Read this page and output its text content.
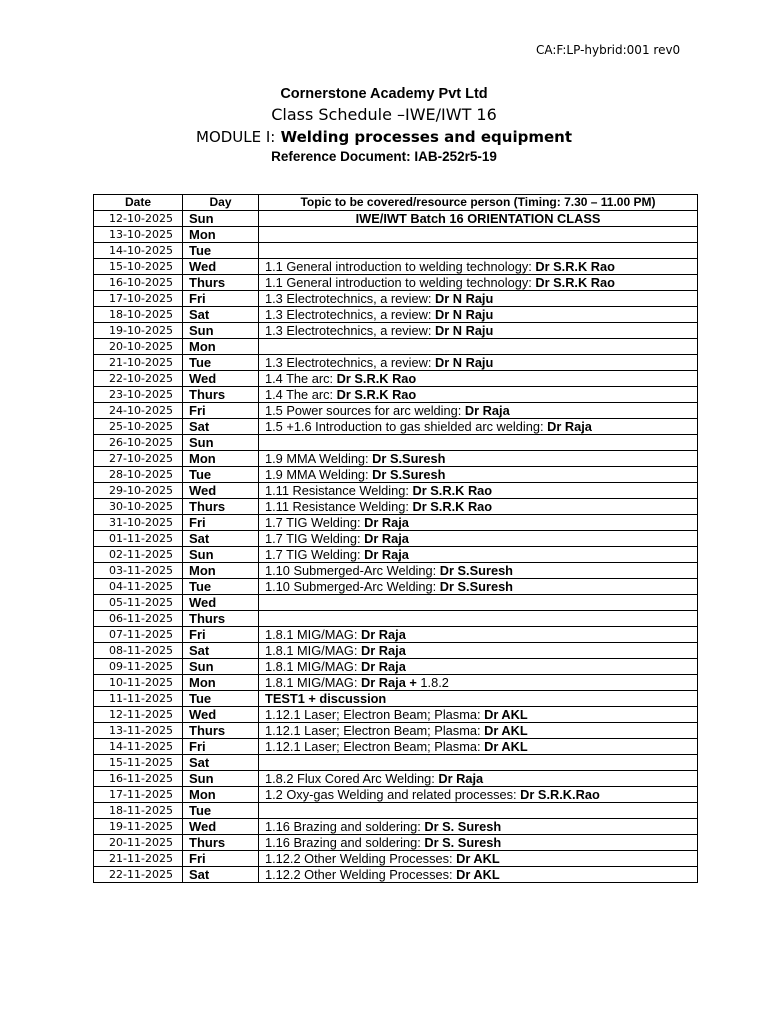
CA:F:LP-hybrid:001 rev0
Cornerstone Academy Pvt Ltd
Class Schedule –IWE/IWT 16
MODULE I: Welding processes and equipment
Reference Document: IAB-252r5-19
Date	Day	Topic to be covered/resource person (Timing: 7.30 – 11.00 PM)
12-10-2025	Sun	IWE/IWT Batch 16 ORIENTATION CLASS
13-10-2025	Mon	
14-10-2025	Tue	
15-10-2025	Wed	1.1 General introduction to welding technology: Dr S.R.K Rao
16-10-2025	Thurs	1.1 General introduction to welding technology: Dr S.R.K Rao
17-10-2025	Fri	1.3 Electrotechnics, a review: Dr N Raju
18-10-2025	Sat	1.3 Electrotechnics, a review: Dr N Raju
19-10-2025	Sun	1.3 Electrotechnics, a review: Dr N Raju
20-10-2025	Mon	
21-10-2025	Tue	1.3 Electrotechnics, a review: Dr N Raju
22-10-2025	Wed	1.4 The arc: Dr S.R.K Rao
23-10-2025	Thurs	1.4 The arc: Dr S.R.K Rao
24-10-2025	Fri	1.5 Power sources for arc welding: Dr Raja
25-10-2025	Sat	1.5 +1.6 Introduction to gas shielded arc welding: Dr Raja
26-10-2025	Sun	
27-10-2025	Mon	1.9 MMA Welding: Dr S.Suresh
28-10-2025	Tue	1.9 MMA Welding: Dr S.Suresh
29-10-2025	Wed	1.11 Resistance Welding: Dr S.R.K Rao
30-10-2025	Thurs	1.11 Resistance Welding: Dr S.R.K Rao
31-10-2025	Fri	1.7 TIG Welding: Dr Raja
01-11-2025	Sat	1.7 TIG Welding: Dr Raja
02-11-2025	Sun	1.7 TIG Welding: Dr Raja
03-11-2025	Mon	1.10 Submerged-Arc Welding: Dr S.Suresh
04-11-2025	Tue	1.10 Submerged-Arc Welding: Dr S.Suresh
05-11-2025	Wed	
06-11-2025	Thurs	
07-11-2025	Fri	1.8.1 MIG/MAG: Dr Raja
08-11-2025	Sat	1.8.1 MIG/MAG: Dr Raja
09-11-2025	Sun	1.8.1 MIG/MAG: Dr Raja
10-11-2025	Mon	1.8.1 MIG/MAG: Dr Raja + 1.8.2
11-11-2025	Tue	TEST1 + discussion
12-11-2025	Wed	1.12.1 Laser; Electron Beam; Plasma: Dr AKL
13-11-2025	Thurs	1.12.1 Laser; Electron Beam; Plasma: Dr AKL
14-11-2025	Fri	1.12.1 Laser; Electron Beam; Plasma: Dr AKL
15-11-2025	Sat	
16-11-2025	Sun	1.8.2 Flux Cored Arc Welding: Dr Raja
17-11-2025	Mon	1.2 Oxy-gas Welding and related processes: Dr S.R.K.Rao
18-11-2025	Tue	
19-11-2025	Wed	1.16 Brazing and soldering: Dr S. Suresh
20-11-2025	Thurs	1.16 Brazing and soldering: Dr S. Suresh
21-11-2025	Fri	1.12.2 Other Welding Processes: Dr AKL
22-11-2025	Sat	1.12.2 Other Welding Processes: Dr AKL
